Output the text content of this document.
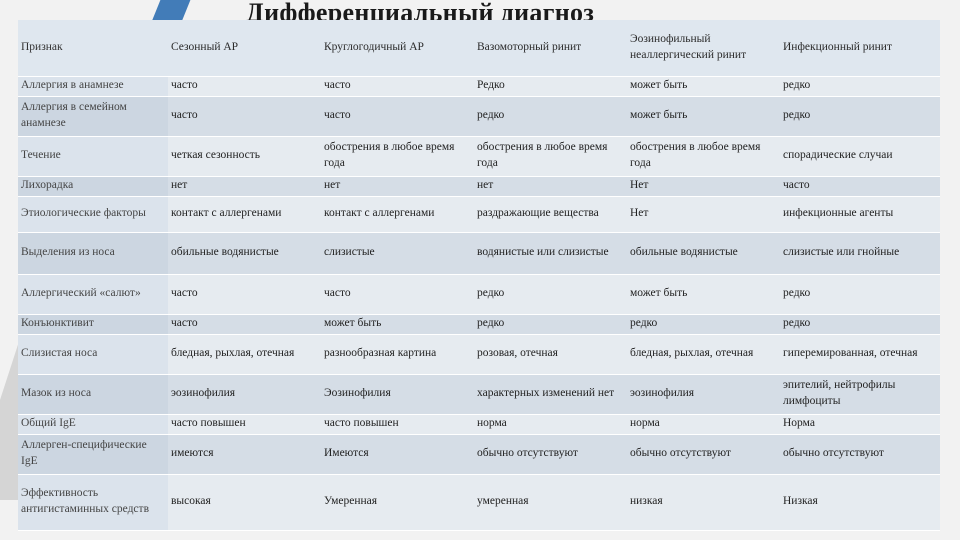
Дифференциальный диагноз
Признак	Сезонный АР	Круглогодичный АР	Вазомоторный ринит	Эозинофильный неаллергический ринит	Инфекционный ринит
Аллергия в анамнезе	часто	часто	Редко	может быть	редко
Аллергия в семейном анамнезе	часто	часто	редко	может быть	редко
Течение	четкая сезонность	обострения в любое время года	обострения в любое время года	обострения в любое время года	спорадические случаи
Лихорадка	нет	нет	нет	Нет	часто
Этиологические факторы	контакт с аллергенами	контакт с аллергенами	раздражающие вещества	Нет	инфекционные агенты
Выделения из носа	обильные водянистые	слизистые	водянистые или слизистые	обильные водянистые	слизистые или гнойные
Аллергический «салют»	часто	часто	редко	может быть	редко
Конъюнктивит	часто	может быть	редко	редко	редко
Слизистая носа	бледная, рыхлая, отечная	разнообразная картина	розовая, отечная	бледная, рыхлая, отечная	гиперемированная, отечная
Мазок из носа	эозинофилия	Эозинофилия	характерных изменений нет	эозинофилия	эпителий, нейтрофилы лимфоциты
Общий IgE	часто повышен	часто повышен	норма	норма	Норма
Аллерген-специфические IgE	имеются	Имеются	обычно отсутствуют	обычно отсутствуют	обычно отсутствуют
Эффективность антигистаминных средств	высокая	Умеренная	умеренная	низкая	Низкая
